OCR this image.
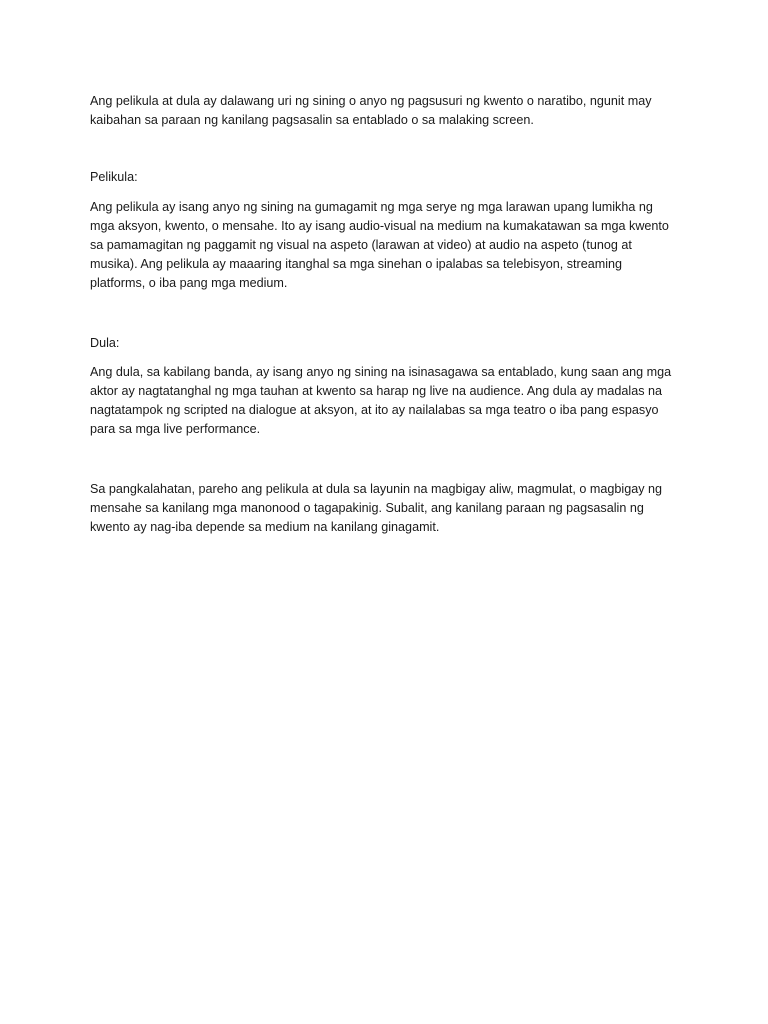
Ang pelikula at dula ay dalawang uri ng sining o anyo ng pagsusuri ng kwento o naratibo, ngunit may kaibahan sa paraan ng kanilang pagsasalin sa entablado o sa malaking screen.

Pelikula:

Ang pelikula ay isang anyo ng sining na gumagamit ng mga serye ng mga larawan upang lumikha ng mga aksyon, kwento, o mensahe. Ito ay isang audio-visual na medium na kumakatawan sa mga kwento sa pamamagitan ng paggamit ng visual na aspeto (larawan at video) at audio na aspeto (tunog at musika). Ang pelikula ay maaaring itanghal sa mga sinehan o ipalabas sa telebisyon, streaming platforms, o iba pang mga medium.

Dula:

Ang dula, sa kabilang banda, ay isang anyo ng sining na isinasagawa sa entablado, kung saan ang mga aktor ay nagtatanghal ng mga tauhan at kwento sa harap ng live na audience. Ang dula ay madalas na nagtatampok ng scripted na dialogue at aksyon, at ito ay nailalabas sa mga teatro o iba pang espasyo para sa mga live performance.

Sa pangkalahatan, pareho ang pelikula at dula sa layunin na magbigay aliw, magmulat, o magbigay ng mensahe sa kanilang mga manonood o tagapakinig. Subalit, ang kanilang paraan ng pagsasalin ng kwento ay nag-iba depende sa medium na kanilang ginagamit.
